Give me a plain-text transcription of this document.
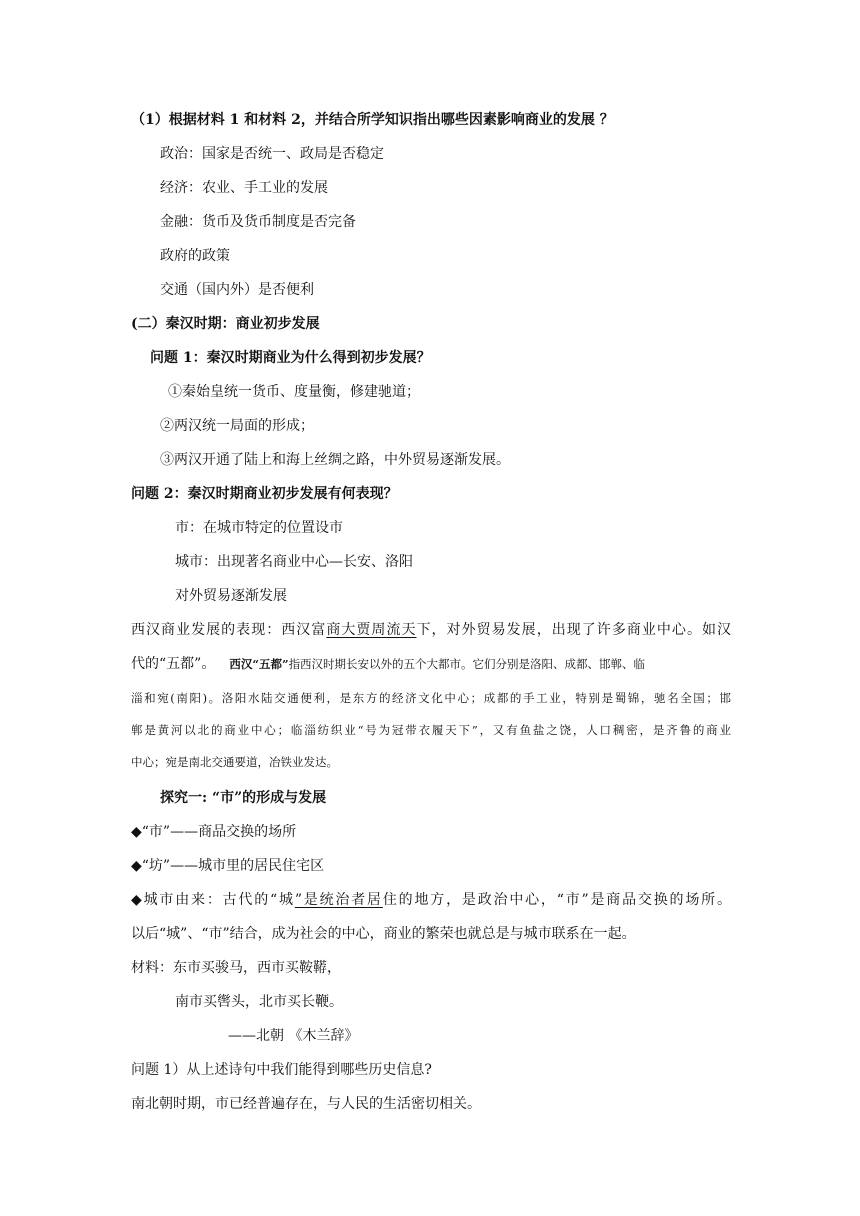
（1）根据材料 1 和材料 2，并结合所学知识指出哪些因素影响商业的发展 ？
政治：国家是否统一、政局是否稳定
经济：农业、手工业的发展
金融：货币及货币制度是否完备
政府的政策
交通（国内外）是否便利
(二）秦汉时期：商业初步发展
问题 1：秦汉时期商业为什么得到初步发展？
①秦始皇统一货币、度量衡，修建驰道；
②两汉统一局面的形成；
③两汉开通了陆上和海上丝绸之路，中外贸易逐渐发展。
问题 2：秦汉时期商业初步发展有何表现？
市：在城市特定的位置设市
城市：出现著名商业中心—长安、洛阳
对外贸易逐渐发展
西汉商业发展的表现：西汉富商大贾周流天下，对外贸易发展，出现了许多商业中心。如汉
代的“五都”。 西汉“五都”指西汉时期长安以外的五个大都市。它们分别是洛阳、成都、邯郸、临
淄和宛(南阳)。洛阳水陆交通便利，是东方的经济文化中心；成都的手工业，特别是蜀锦，驰名全国；邯
郸是黄河以北的商业中心；临淄纺织业“号为冠带衣履天下”，又有鱼盐之饶，人口稠密，是齐鲁的商业
中心；宛是南北交通要道，冶铁业发达。
探究一: “市”的形成与发展
◆“市”——商品交换的场所
◆“坊”——城市里的居民住宅区
◆城市由来：古代的“城”是统治者居住的地方，是政治中心，“市”是商品交换的场所。
以后“城”、“市”结合，成为社会的中心，商业的繁荣也就总是与城市联系在一起。
材料：东市买骏马，西市买鞍鞯，
南市买辔头，北市买长鞭。
——北朝 《木兰辞》
问题 1）从上述诗句中我们能得到哪些历史信息?
南北朝时期，市已经普遍存在，与人民的生活密切相关。
